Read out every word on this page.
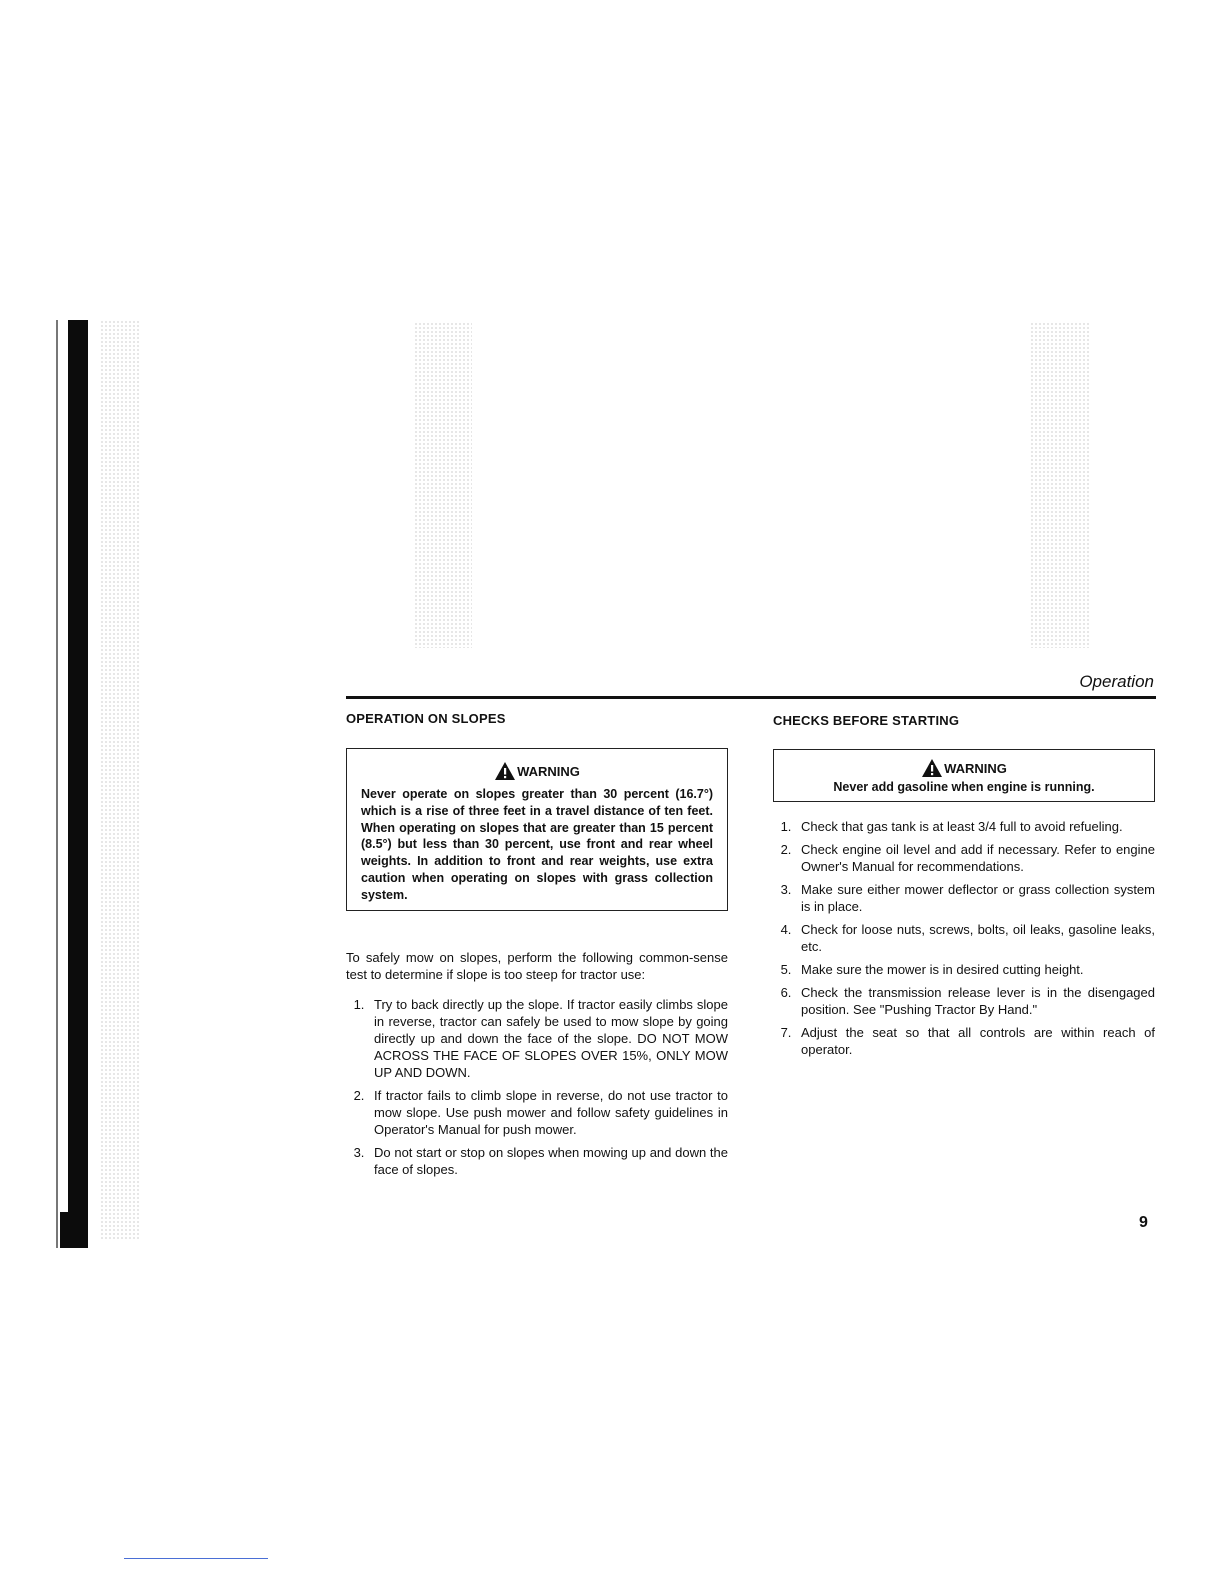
Operation
OPERATION ON SLOPES
WARNING
Never operate on slopes greater than 30 percent (16.7°) which is a rise of three feet in a travel distance of ten feet. When operating on slopes that are greater than 15 percent (8.5°) but less than 30 percent, use front and rear wheel weights. In addition to front and rear weights, use extra caution when operating on slopes with grass collection system.

To safely mow on slopes, perform the following common-sense test to determine if slope is too steep for tractor use:

1. Try to back directly up the slope. If tractor easily climbs slope in reverse, tractor can safely be used to mow slope by going directly up and down the face of the slope. DO NOT MOW ACROSS THE FACE OF SLOPES OVER 15%, ONLY MOW UP AND DOWN.
2. If tractor fails to climb slope in reverse, do not use tractor to mow slope. Use push mower and follow safety guidelines in Operator's Manual for push mower.
3. Do not start or stop on slopes when mowing up and down the face of slopes.
CHECKS BEFORE STARTING
WARNING
Never add gasoline when engine is running.
1. Check that gas tank is at least 3/4 full to avoid refueling.
2. Check engine oil level and add if necessary. Refer to engine Owner's Manual for recommendations.
3. Make sure either mower deflector or grass collection system is in place.
4. Check for loose nuts, screws, bolts, oil leaks, gasoline leaks, etc.
5. Make sure the mower is in desired cutting height.
6. Check the transmission release lever is in the disengaged position. See "Pushing Tractor By Hand."
7. Adjust the seat so that all controls are within reach of operator.
9
